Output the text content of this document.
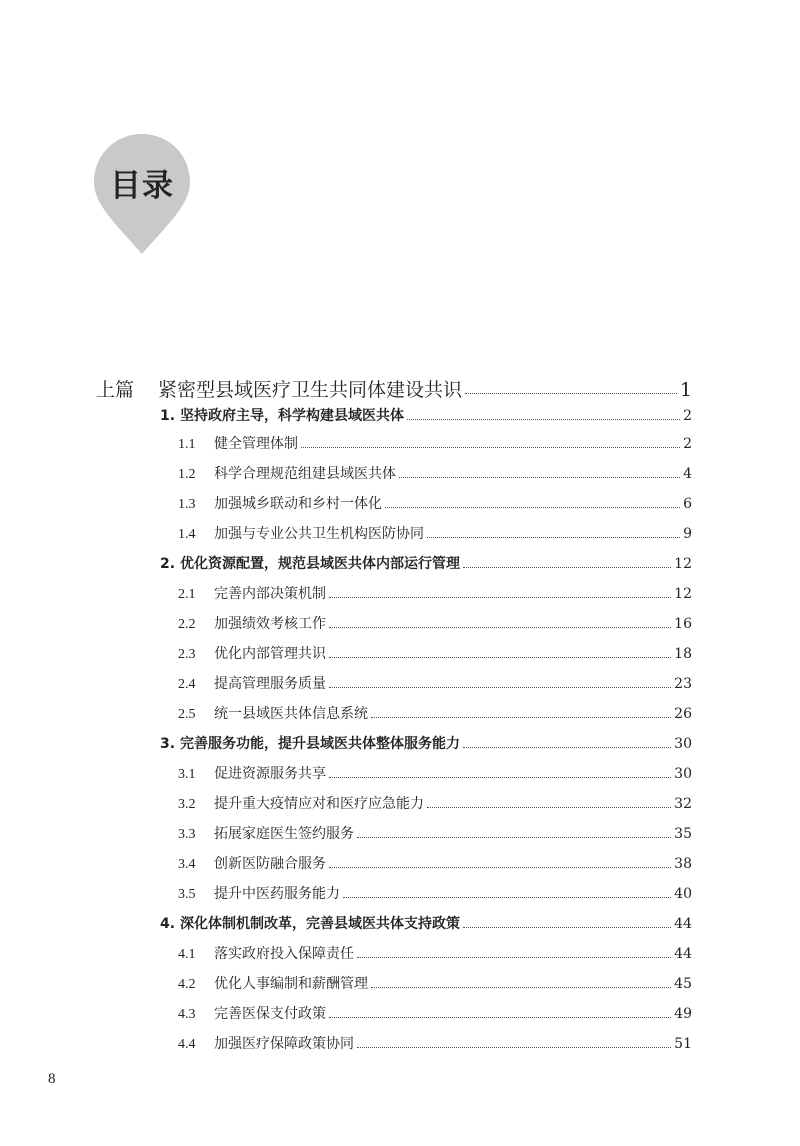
目录
上篇	紧密型县域医疗卫生共同体建设共识	1
1. 坚持政府主导，科学构建县域医共体	2
1.1	健全管理体制	2
1.2	科学合理规范组建县域医共体	4
1.3	加强城乡联动和乡村一体化	6
1.4	加强与专业公共卫生机构医防协同	9
2. 优化资源配置，规范县域医共体内部运行管理	12
2.1	完善内部决策机制	12
2.2	加强绩效考核工作	16
2.3	优化内部管理共识	18
2.4	提高管理服务质量	23
2.5	统一县域医共体信息系统	26
3. 完善服务功能，提升县域医共体整体服务能力	30
3.1	促进资源服务共享	30
3.2	提升重大疫情应对和医疗应急能力	32
3.3	拓展家庭医生签约服务	35
3.4	创新医防融合服务	38
3.5	提升中医药服务能力	40
4. 深化体制机制改革，完善县域医共体支持政策	44
4.1	落实政府投入保障责任	44
4.2	优化人事编制和薪酬管理	45
4.3	完善医保支付政策	49
4.4	加强医疗保障政策协同	51
8
